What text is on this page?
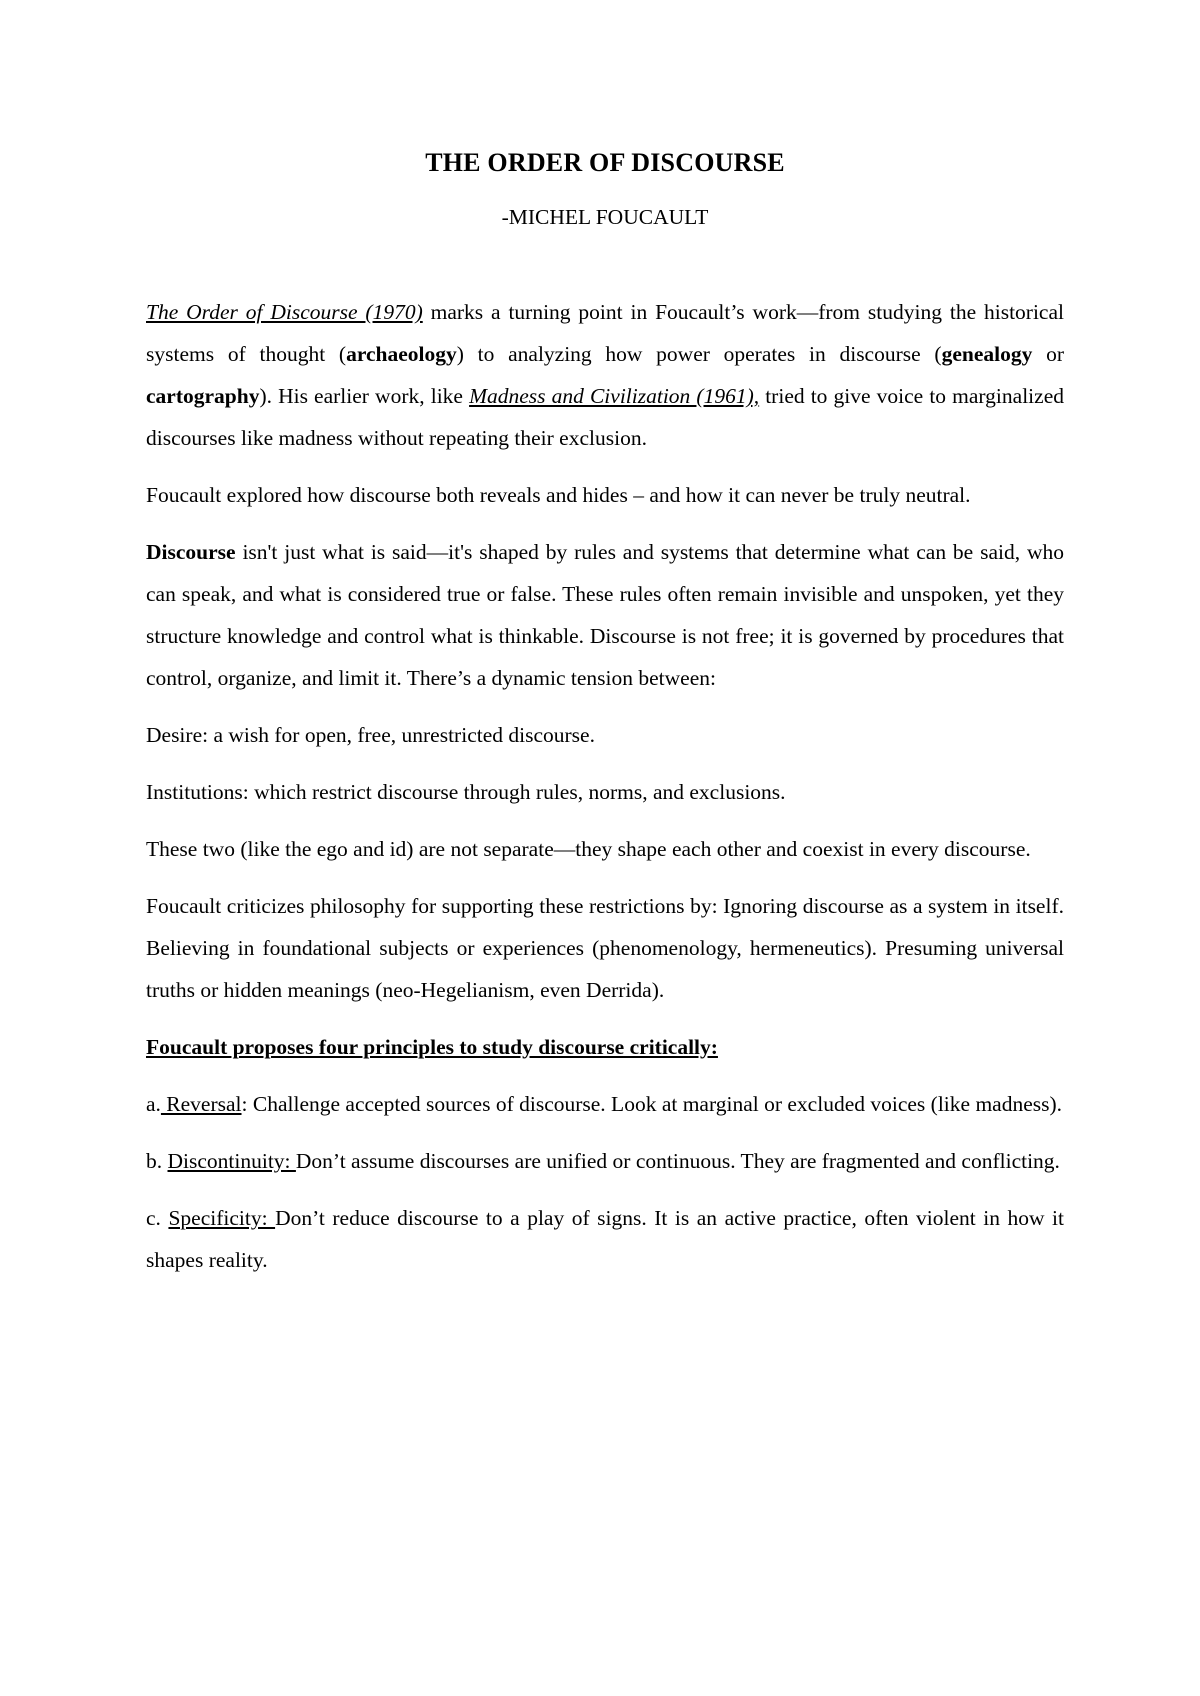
THE ORDER OF DISCOURSE
-MICHEL FOUCAULT

The Order of Discourse (1970) marks a turning point in Foucault’s work—from studying the historical systems of thought (archaeology) to analyzing how power operates in discourse (genealogy or cartography). His earlier work, like Madness and Civilization (1961), tried to give voice to marginalized discourses like madness without repeating their exclusion.

Foucault explored how discourse both reveals and hides – and how it can never be truly neutral.

Discourse isn't just what is said—it's shaped by rules and systems that determine what can be said, who can speak, and what is considered true or false. These rules often remain invisible and unspoken, yet they structure knowledge and control what is thinkable. Discourse is not free; it is governed by procedures that control, organize, and limit it. There’s a dynamic tension between:

Desire: a wish for open, free, unrestricted discourse.

Institutions: which restrict discourse through rules, norms, and exclusions.

These two (like the ego and id) are not separate—they shape each other and coexist in every discourse.

Foucault criticizes philosophy for supporting these restrictions by: Ignoring discourse as a system in itself. Believing in foundational subjects or experiences (phenomenology, hermeneutics). Presuming universal truths or hidden meanings (neo-Hegelianism, even Derrida).

Foucault proposes four principles to study discourse critically:

a. Reversal: Challenge accepted sources of discourse. Look at marginal or excluded voices (like madness).

b. Discontinuity: Don’t assume discourses are unified or continuous. They are fragmented and conflicting.

c. Specificity: Don’t reduce discourse to a play of signs. It is an active practice, often violent in how it shapes reality.
